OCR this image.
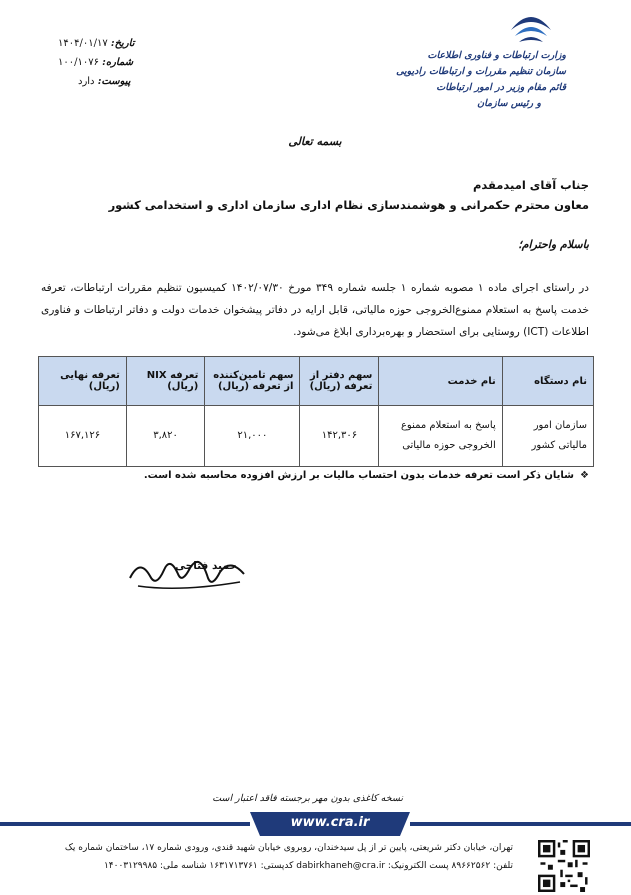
وزارت ارتباطات و فناوری اطلاعات
سازمان تنظیم مقررات و ارتباطات رادیویی
قائم مقام وزیر در امور ارتباطات
و رئیس سازمان
تاریخ: ۱۴۰۴/۰۱/۱۷
شماره: ۱۰۰/۱۰۷۶
پیوست: دارد
بسمه تعالی
جناب آقای امیدمقدم
معاون محترم حکمرانی و هوشمندسازی نظام اداری سازمان اداری و استخدامی کشور
باسلام واحترام؛
در راستای اجرای ماده ۱ مصوبه شماره ۱ جلسه شماره ۳۴۹ مورخ ۱۴۰۲/۰۷/۳۰ کمیسیون تنظیم مقررات ارتباطات، تعرفه خدمت پاسخ به استعلام ممنوع‌الخروجی حوزه مالیاتی، قابل ارایه در دفاتر پیشخوان خدمات دولت و دفاتر ارتباطات و فناوری اطلاعات (ICT) روستایی برای استحضار و بهره‌برداری ابلاغ می‌شود.
نام دستگاه	نام خدمت	سهم دفتر از تعرفه (ریال)	سهم تامین‌کننده از تعرفه (ریال)	تعرفه NIX (ریال)	تعرفه نهایی (ریال)
سازمان امور مالیاتی کشور	پاسخ به استعلام ممنوع الخروجی حوزه مالیاتی	۱۴۲,۳۰۶	۲۱,۰۰۰	۳,۸۲۰	۱۶۷,۱۲۶
❖شایان ذکر است تعرفه خدمات بدون احتساب مالیات بر ارزش افزوده محاسبه شده است.
حمید فتاحی
نسخه کاغذی بدون مهر برجسته فاقد اعتبار است
www.cra.ir
تهران، خیابان دکتر شریعتی، پایین تر از پل سیدخندان، روبروی خیابان شهید قندی، ورودی شماره ۱۷، ساختمان شماره یک
تلفن: ۸۹۶۶۲۵۶۲ پست الکترونیک: dabirkhaneh@cra.ir کدپستی: ۱۶۳۱۷۱۳۷۶۱ شناسه ملی: ۱۴۰۰۳۱۲۹۹۸۵
